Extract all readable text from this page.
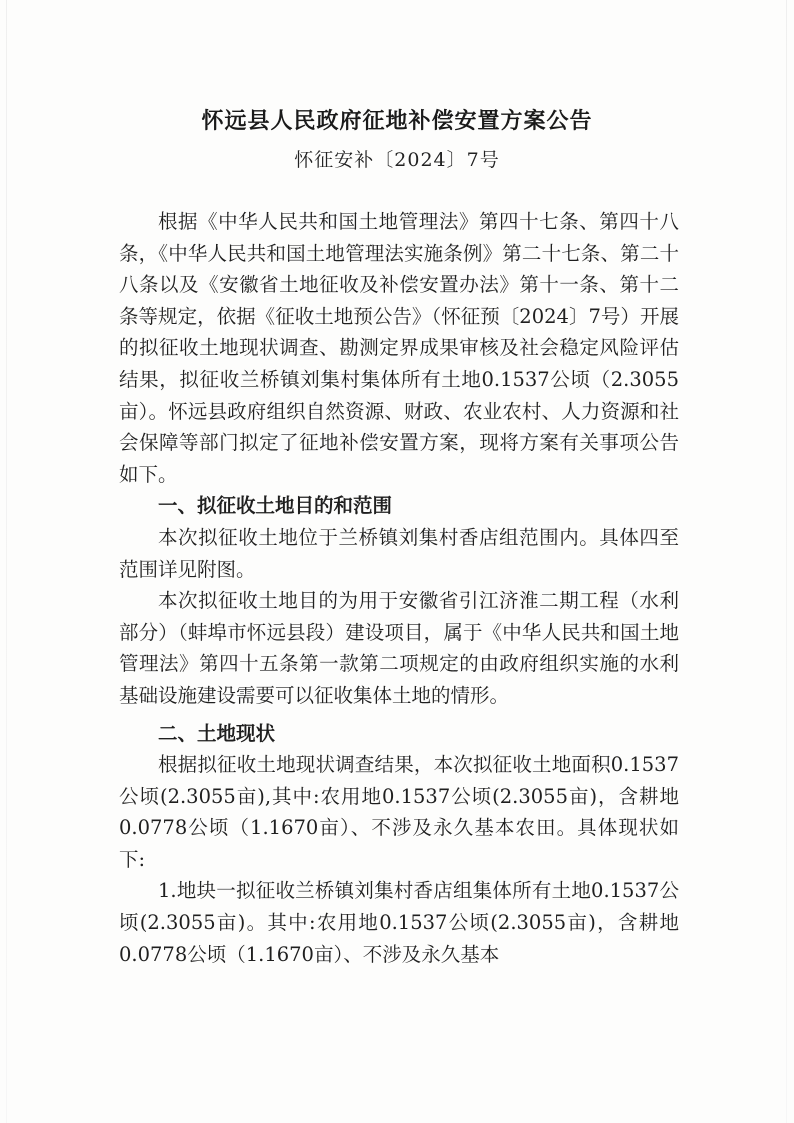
怀远县人民政府征地补偿安置方案公告
怀征安补〔2024〕7号

根据《中华人民共和国土地管理法》第四十七条、第四十八条，《中华人民共和国土地管理法实施条例》第二十七条、第二十八条以及《安徽省土地征收及补偿安置办法》第十一条、第十二条等规定，依据《征收土地预公告》（怀征预〔2024〕7号）开展的拟征收土地现状调查、勘测定界成果审核及社会稳定风险评估结果，拟征收兰桥镇刘集村集体所有土地0.1537公顷（2.3055亩）。怀远县政府组织自然资源、财政、农业农村、人力资源和社会保障等部门拟定了征地补偿安置方案，现将方案有关事项公告如下。

一、拟征收土地目的和范围

本次拟征收土地位于兰桥镇刘集村香店组范围内。具体四至范围详见附图。

本次拟征收土地目的为用于安徽省引江济淮二期工程（水利部分）（蚌埠市怀远县段）建设项目，属于《中华人民共和国土地管理法》第四十五条第一款第二项规定的由政府组织实施的水利基础设施建设需要可以征收集体土地的情形。

二、土地现状

根据拟征收土地现状调查结果，本次拟征收土地面积0.1537公顷(2.3055亩),其中:农用地0.1537公顷(2.3055亩)，含耕地0.0778公顷（1.1670亩）、不涉及永久基本农田。具体现状如下:

1.地块一拟征收兰桥镇刘集村香店组集体所有土地0.1537公顷(2.3055亩)。其中:农用地0.1537公顷(2.3055亩)，含耕地0.0778公顷（1.1670亩）、不涉及永久基本
